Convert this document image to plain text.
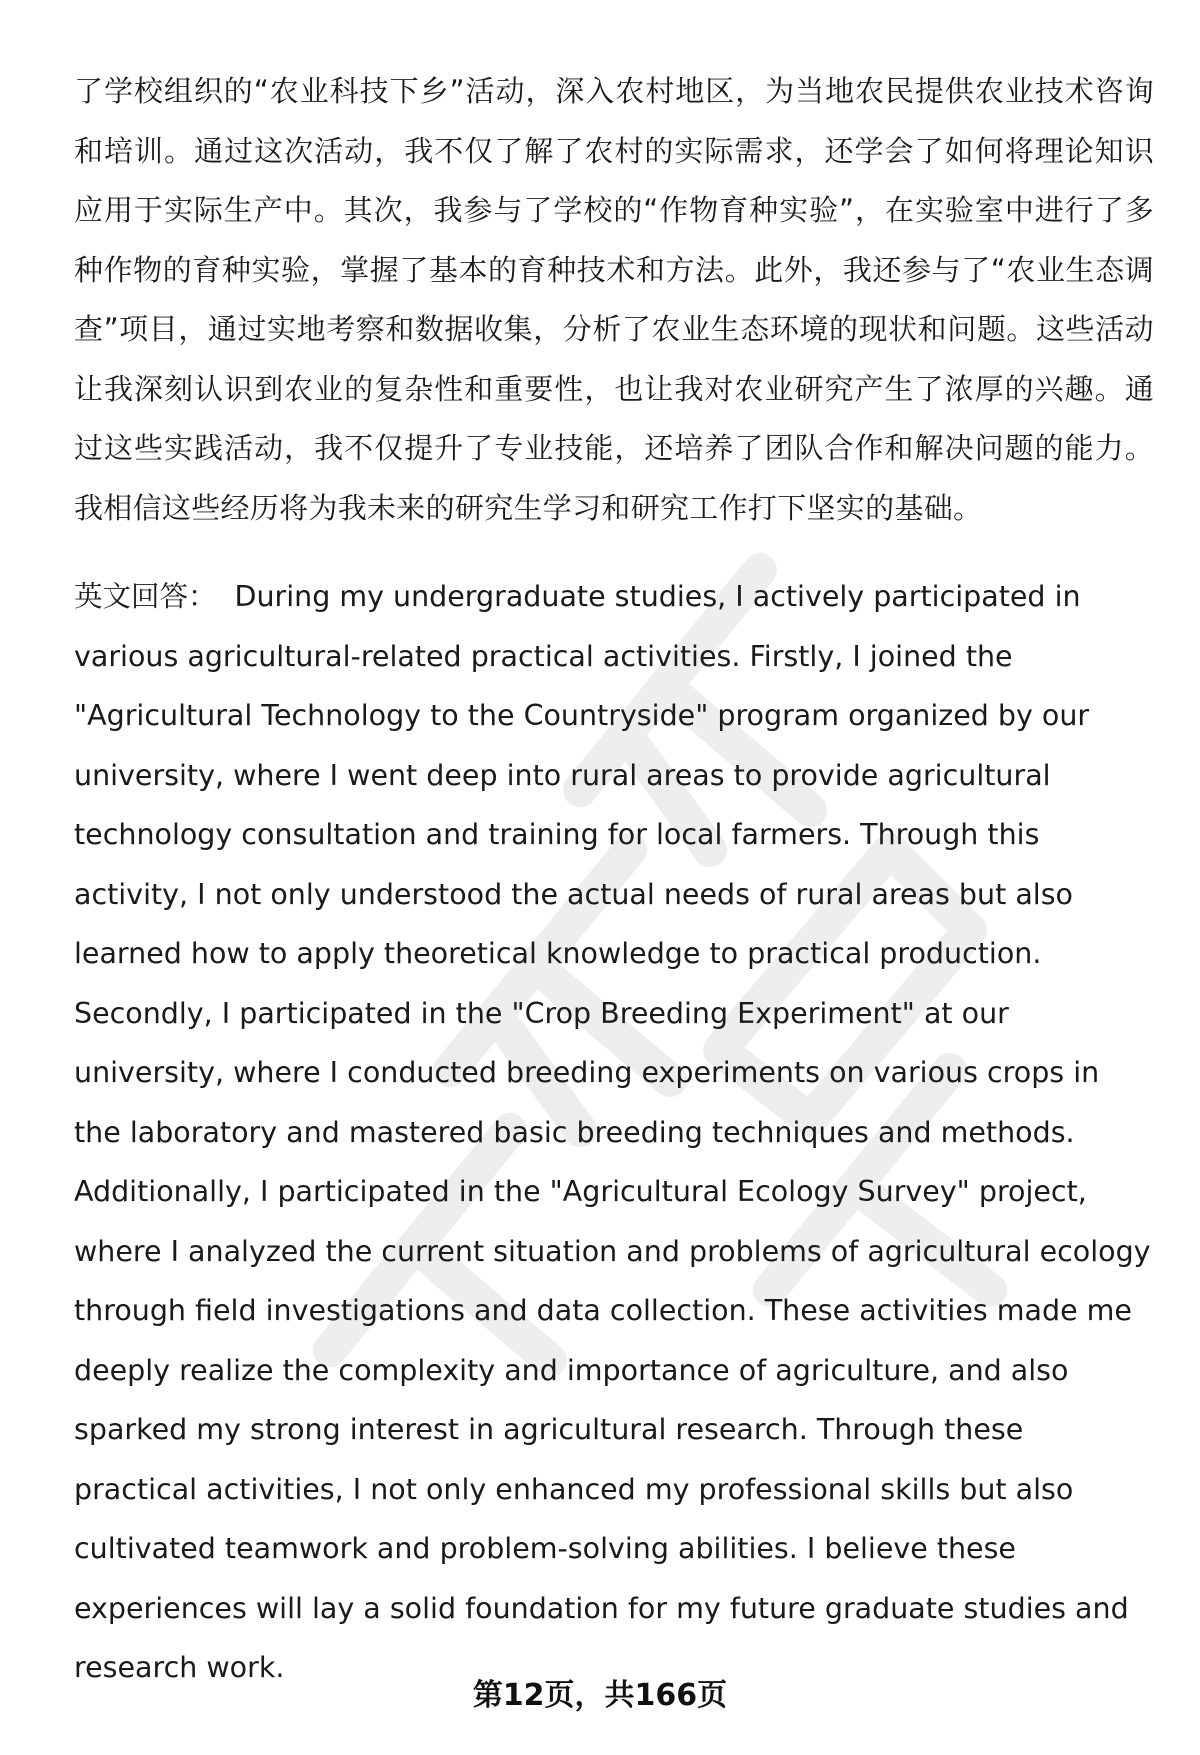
了学校组织的“农业科技下乡”活动，深入农村地区，为当地农民提供农业技术咨询和培训。通过这次活动，我不仅了解了农村的实际需求，还学会了如何将理论知识应用于实际生产中。其次，我参与了学校的“作物育种实验”，在实验室中进行了多种作物的育种实验，掌握了基本的育种技术和方法。此外，我还参与了“农业生态调查”项目，通过实地考察和数据收集，分析了农业生态环境的现状和问题。这些活动让我深刻认识到农业的复杂性和重要性，也让我对农业研究产生了浓厚的兴趣。通过这些实践活动，我不仅提升了专业技能，还培养了团队合作和解决问题的能力。我相信这些经历将为我未来的研究生学习和研究工作打下坚实的基础。

英文回答： During my undergraduate studies, I actively participated in various agricultural-related practical activities. Firstly, I joined the "Agricultural Technology to the Countryside" program organized by our university, where I went deep into rural areas to provide agricultural technology consultation and training for local farmers. Through this activity, I not only understood the actual needs of rural areas but also learned how to apply theoretical knowledge to practical production. Secondly, I participated in the "Crop Breeding Experiment" at our university, where I conducted breeding experiments on various crops in the laboratory and mastered basic breeding techniques and methods. Additionally, I participated in the "Agricultural Ecology Survey" project, where I analyzed the current situation and problems of agricultural ecology through field investigations and data collection. These activities made me deeply realize the complexity and importance of agriculture, and also sparked my strong interest in agricultural research. Through these practical activities, I not only enhanced my professional skills but also cultivated teamwork and problem-solving abilities. I believe these experiences will lay a solid foundation for my future graduate studies and research work.

第12页，共166页
